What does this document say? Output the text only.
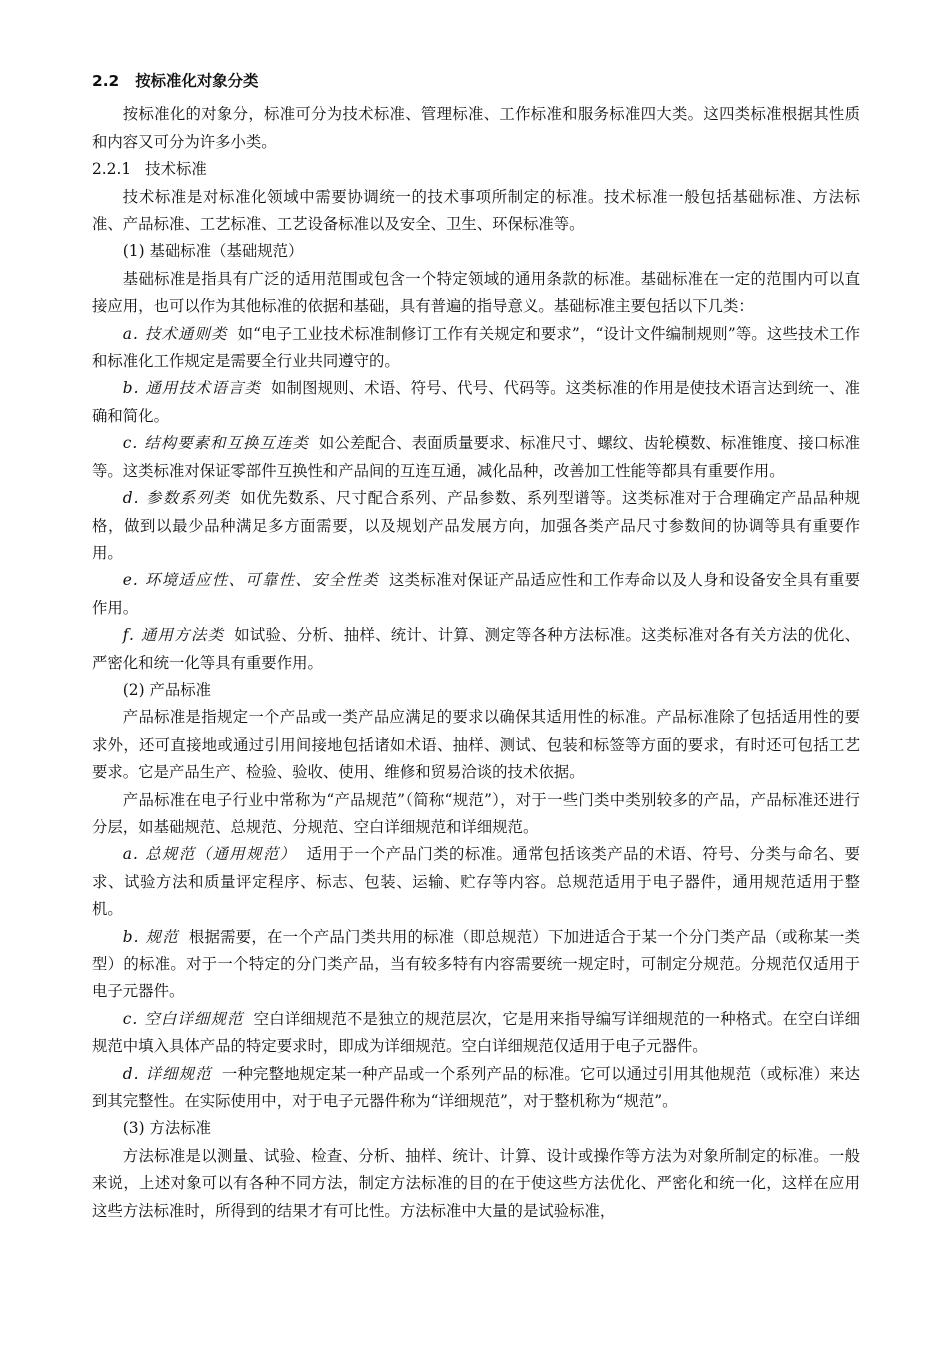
2.2 按标准化对象分类

按标准化的对象分，标准可分为技术标准、管理标准、工作标准和服务标准四大类。这四类标准根据其性质和内容又可分为许多小类。

2.2.1 技术标准

技术标准是对标准化领域中需要协调统一的技术事项所制定的标准。技术标准一般包括基础标准、方法标准、产品标准、工艺标准、工艺设备标准以及安全、卫生、环保标准等。

(1) 基础标准（基础规范）

基础标准是指具有广泛的适用范围或包含一个特定领域的通用条款的标准。基础标准在一定的范围内可以直接应用，也可以作为其他标准的依据和基础，具有普遍的指导意义。基础标准主要包括以下几类：

a. 技术通则类 如“电子工业技术标准制修订工作有关规定和要求”，“设计文件编制规则”等。这些技术工作和标准化工作规定是需要全行业共同遵守的。

b. 通用技术语言类 如制图规则、术语、符号、代号、代码等。这类标准的作用是使技术语言达到统一、准确和简化。

c. 结构要素和互换互连类 如公差配合、表面质量要求、标准尺寸、螺纹、齿轮模数、标准锥度、接口标准等。这类标准对保证零部件互换性和产品间的互连互通，减化品种，改善加工性能等都具有重要作用。

d. 参数系列类 如优先数系、尺寸配合系列、产品参数、系列型谱等。这类标准对于合理确定产品品种规格，做到以最少品种满足多方面需要，以及规划产品发展方向，加强各类产品尺寸参数间的协调等具有重要作用。

e. 环境适应性、可靠性、安全性类 这类标准对保证产品适应性和工作寿命以及人身和设备安全具有重要作用。

f. 通用方法类 如试验、分析、抽样、统计、计算、测定等各种方法标准。这类标准对各有关方法的优化、严密化和统一化等具有重要作用。

(2) 产品标准

产品标准是指规定一个产品或一类产品应满足的要求以确保其适用性的标准。产品标准除了包括适用性的要求外，还可直接地或通过引用间接地包括诸如术语、抽样、测试、包装和标签等方面的要求，有时还可包括工艺要求。它是产品生产、检验、验收、使用、维修和贸易洽谈的技术依据。

产品标准在电子行业中常称为“产品规范”（简称“规范”），对于一些门类中类别较多的产品，产品标准还进行分层，如基础规范、总规范、分规范、空白详细规范和详细规范。

a. 总规范（通用规范） 适用于一个产品门类的标准。通常包括该类产品的术语、符号、分类与命名、要求、试验方法和质量评定程序、标志、包装、运输、贮存等内容。总规范适用于电子器件，通用规范适用于整机。

b. 规范 根据需要，在一个产品门类共用的标准（即总规范）下加进适合于某一个分门类产品（或称某一类型）的标准。对于一个特定的分门类产品，当有较多特有内容需要统一规定时，可制定分规范。分规范仅适用于电子元器件。

c. 空白详细规范 空白详细规范不是独立的规范层次，它是用来指导编写详细规范的一种格式。在空白详细规范中填入具体产品的特定要求时，即成为详细规范。空白详细规范仅适用于电子元器件。

d. 详细规范 一种完整地规定某一种产品或一个系列产品的标准。它可以通过引用其他规范（或标准）来达到其完整性。在实际使用中，对于电子元器件称为“详细规范”，对于整机称为“规范”。

(3) 方法标准

方法标准是以测量、试验、检查、分析、抽样、统计、计算、设计或操作等方法为对象所制定的标准。一般来说，上述对象可以有各种不同方法，制定方法标准的目的在于使这些方法优化、严密化和统一化，这样在应用这些方法标准时，所得到的结果才有可比性。方法标准中大量的是试验标准，
